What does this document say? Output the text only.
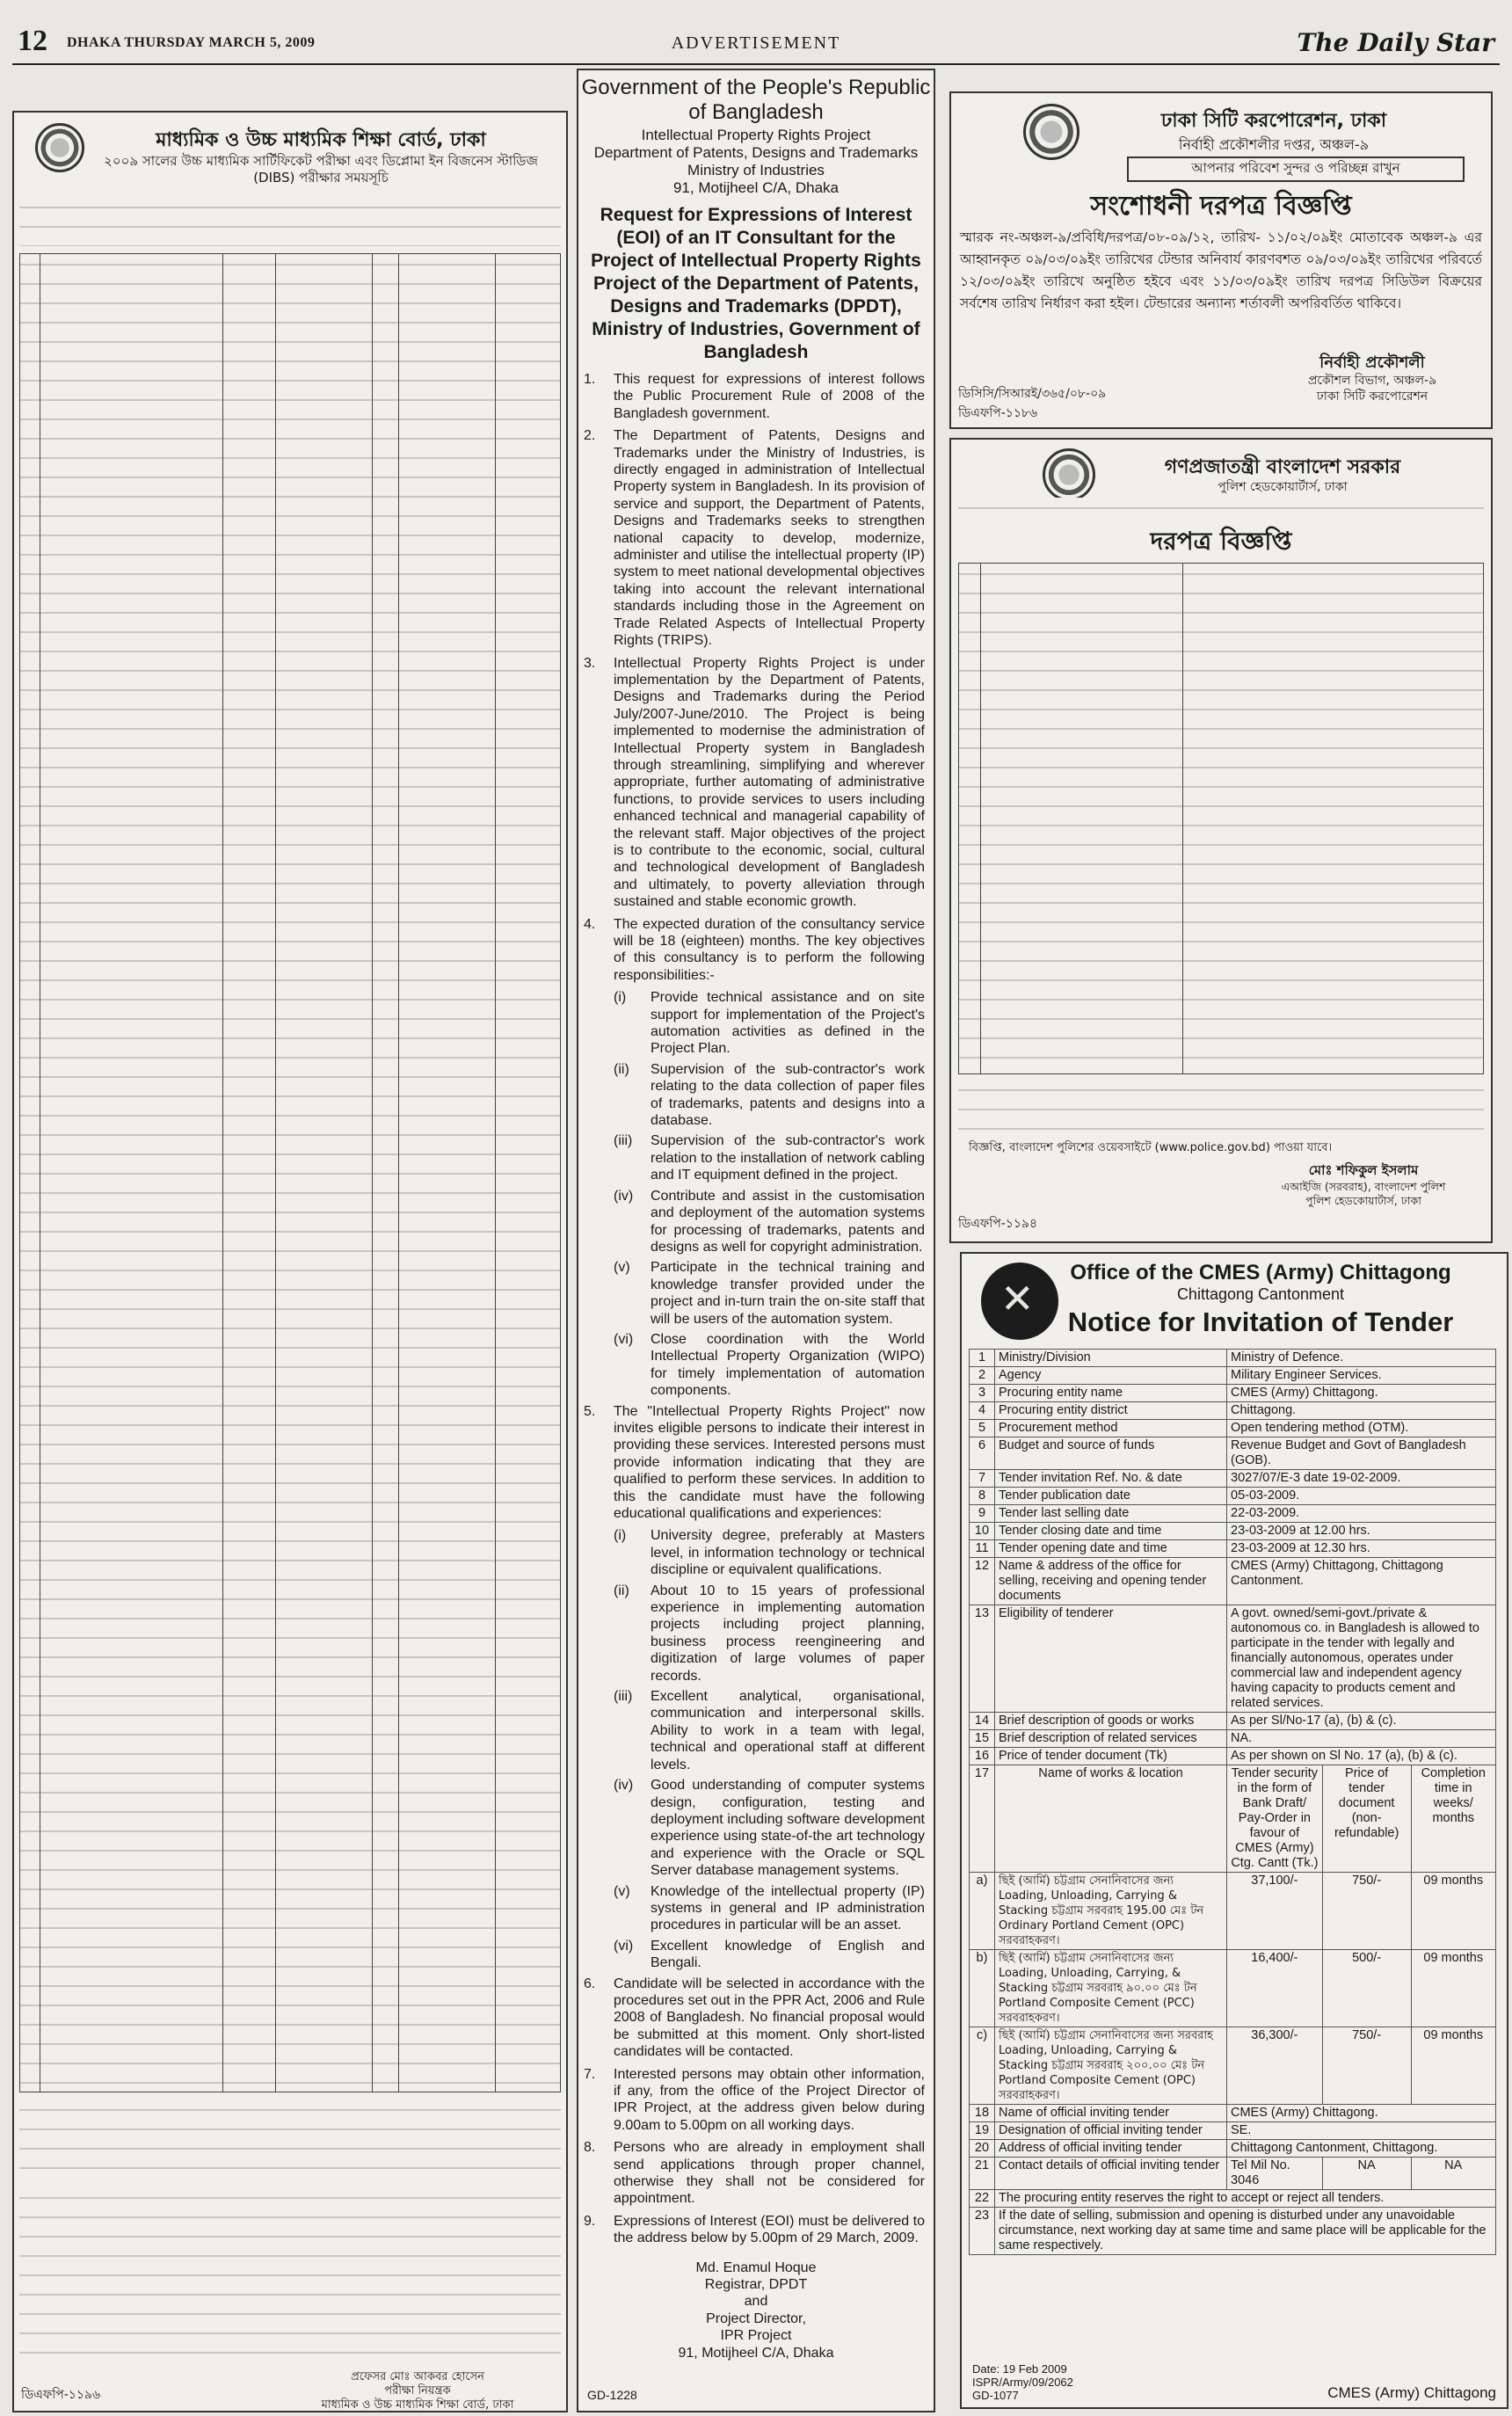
12 DHAKA THURSDAY MARCH 5, 2009	ADVERTISEMENT	The Daily Star
মাধ্যমিক ও উচ্চ মাধ্যমিক শিক্ষা বোর্ড, ঢাকা
২০০৯ সালের উচ্চ মাধ্যমিক সার্টিফিকেট পরীক্ষা এবং ডিপ্লোমা ইন বিজনেস স্টাডিজ (DIBS) পরীক্ষার সময়সূচি
প্রফেসর মোঃ আকবর হোসেন
পরীক্ষা নিয়ন্ত্রক
মাধ্যমিক ও উচ্চ মাধ্যমিক শিক্ষা বোর্ড, ঢাকা
ডিএফপি-১১৯৬
Government of the People's Republic of Bangladesh
Intellectual Property Rights Project
Department of Patents, Designs and Trademarks
Ministry of Industries
91, Motijheel C/A, Dhaka
Request for Expressions of Interest (EOI) of an IT Consultant for the Project of Intellectual Property Rights Project of the Department of Patents, Designs and Trademarks (DPDT), Ministry of Industries, Government of Bangladesh
1.	This request for expressions of interest follows the Public Procurement Rule of 2008 of the Bangladesh government.
2.	The Department of Patents, Designs and Trademarks under the Ministry of Industries, is directly engaged in administration of Intellectual Property system in Bangladesh. In its provision of service and support, the Department of Patents, Designs and Trademarks seeks to strengthen national capacity to develop, modernize, administer and utilise the intellectual property (IP) system to meet national developmental objectives taking into account the relevant international standards including those in the Agreement on Trade Related Aspects of Intellectual Property Rights (TRIPS).
3.	Intellectual Property Rights Project is under implementation by the Department of Patents, Designs and Trademarks during the Period July/2007-June/2010. The Project is being implemented to modernise the administration of Intellectual Property system in Bangladesh through streamlining, simplifying and wherever appropriate, further automating of administrative functions, to provide services to users including enhanced technical and managerial capability of the relevant staff. Major objectives of the project is to contribute to the economic, social, cultural and technological development of Bangladesh and ultimately, to poverty alleviation through sustained and stable economic growth.
4.	The expected duration of the consultancy service will be 18 (eighteen) months. The key objectives of this consultancy is to perform the following responsibilities:-
(i)	Provide technical assistance and on site support for implementation of the Project's automation activities as defined in the Project Plan.
(ii)	Supervision of the sub-contractor's work relating to the data collection of paper files of trademarks, patents and designs into a database.
(iii)	Supervision of the sub-contractor's work relation to the installation of network cabling and IT equipment defined in the project.
(iv)	Contribute and assist in the customisation and deployment of the automation systems for processing of trademarks, patents and designs as well for copyright administration.
(v)	Participate in the technical training and knowledge transfer provided under the project and in-turn train the on-site staff that will be users of the automation system.
(vi)	Close coordination with the World Intellectual Property Organization (WIPO) for timely implementation of automation components.
5.	The "Intellectual Property Rights Project" now invites eligible persons to indicate their interest in providing these services. Interested persons must provide information indicating that they are qualified to perform these services. In addition to this the candidate must have the following educational qualifications and experiences:
(i)	University degree, preferably at Masters level, in information technology or technical discipline or equivalent qualifications.
(ii)	About 10 to 15 years of professional experience in implementing automation projects including project planning, business process reengineering and digitization of large volumes of paper records.
(iii)	Excellent analytical, organisational, communication and interpersonal skills. Ability to work in a team with legal, technical and operational staff at different levels.
(iv)	Good understanding of computer systems design, configuration, testing and deployment including software development experience using state-of-the art technology and experience with the Oracle or SQL Server database management systems.
(v)	Knowledge of the intellectual property (IP) systems in general and IP administration procedures in particular will be an asset.
(vi)	Excellent knowledge of English and Bengali.
6.	Candidate will be selected in accordance with the procedures set out in the PPR Act, 2006 and Rule 2008 of Bangladesh. No financial proposal would be submitted at this moment. Only short-listed candidates will be contacted.
7.	Interested persons may obtain other information, if any, from the office of the Project Director of IPR Project, at the address given below during 9.00am to 5.00pm on all working days.
8.	Persons who are already in employment shall send applications through proper channel, otherwise they shall not be considered for appointment.
9.	Expressions of Interest (EOI) must be delivered to the address below by 5.00pm of 29 March, 2009.
Md. Enamul Hoque
Registrar, DPDT
and
Project Director,
IPR Project
91, Motijheel C/A, Dhaka
GD-1228
ঢাকা সিটি করপোরেশন, ঢাকা
নির্বাহী প্রকৌশলীর দপ্তর, অঞ্চল-৯
আপনার পরিবেশ সুন্দর ও পরিচ্ছন্ন রাখুন
সংশোধনী দরপত্র বিজ্ঞপ্তি
স্মারক নং-অঞ্চল-৯/প্রবিধি/দরপত্র/০৮-০৯/১২, তারিখ- ১১/০২/০৯ইং মোতাবেক অঞ্চল-৯ এর আহ্বানকৃত ০৯/০৩/০৯ইং তারিখের টেন্ডার অনিবার্য কারণবশত ০৯/০৩/০৯ইং তারিখের পরিবর্তে ১২/০৩/০৯ইং তারিখে অনুষ্ঠিত হইবে এবং ১১/০৩/০৯ইং তারিখ দরপত্র সিডিউল বিক্রয়ের সর্বশেষ তারিখ নির্ধারণ করা হইল। টেন্ডারের অন্যান্য শর্তাবলী অপরিবর্তিত থাকিবে।
নির্বাহী প্রকৌশলী
প্রকৌশল বিভাগ, অঞ্চল-৯
ঢাকা সিটি করপোরেশন
ডিসিসি/সিআরই/৩৬৫/০৮-০৯
ডিএফপি-১১৮৬
গণপ্রজাতন্ত্রী বাংলাদেশ সরকার
পুলিশ হেডকোয়ার্টার্স, ঢাকা
দরপত্র বিজ্ঞপ্তি
বিজ্ঞপ্তি, বাংলাদেশ পুলিশের ওয়েবসাইটে (www.police.gov.bd) পাওয়া যাবে।
মোঃ শফিকুল ইসলাম
এআইজি (সরবরাহ), বাংলাদেশ পুলিশ
পুলিশ হেডকোয়ার্টার্স, ঢাকা
ডিএফপি-১১৯৪
✕
Office of the CMES (Army) Chittagong
Chittagong Cantonment
Notice for Invitation of Tender
1	Ministry/Division	Ministry of Defence.		
2	Agency	Military Engineer Services.		
3	Procuring entity name	CMES (Army) Chittagong.		
4	Procuring entity district	Chittagong.		
5	Procurement method	Open tendering method (OTM).		
6	Budget and source of funds	Revenue Budget and Govt of Bangladesh (GOB).		
7	Tender invitation Ref. No. & date	3027/07/E-3 date 19-02-2009.		
8	Tender publication date	05-03-2009.		
9	Tender last selling date	22-03-2009.		
10	Tender closing date and time	23-03-2009 at 12.00 hrs.		
11	Tender opening date and time	23-03-2009 at 12.30 hrs.		
12	Name & address of the office for selling, receiving and opening tender documents	CMES (Army) Chittagong, Chittagong Cantonment.		
13	Eligibility of tenderer	A govt. owned/semi-govt./private & autonomous co. in Bangladesh is allowed to participate in the tender with legally and financially autonomous, operates under commercial law and independent agency having capacity to products cement and related services.		
14	Brief description of goods or works	As per Sl/No-17 (a), (b) & (c).		
15	Brief description of related services	NA.		
16	Price of tender document (Tk)	As per shown on Sl No. 17 (a), (b) & (c).		
17	Name of works & location	Tender security in the form of Bank Draft/ Pay-Order in favour of CMES (Army) Ctg. Cantt (Tk.)	Price of tender document (non-refundable)	Completion time in weeks/ months
a)	ছিই (আর্মি) চট্টগ্রাম সেনানিবাসের জন্য Loading, Unloading, Carrying & Stacking চট্টগ্রাম সরবরাহ 195.00 মেঃ টন Ordinary Portland Cement (OPC) সরবরাহকরণ।	37,100/-	750/-	09 months
b)	ছিই (আর্মি) চট্টগ্রাম সেনানিবাসের জন্য Loading, Unloading, Carrying, & Stacking চট্টগ্রাম সরবরাহ ৯০.০০ মেঃ টন Portland Composite Cement (PCC) সরবরাহকরণ।	16,400/-	500/-	09 months
c)	ছিই (আর্মি) চট্টগ্রাম সেনানিবাসের জন্য সরবরাহ Loading, Unloading, Carrying & Stacking চট্টগ্রাম সরবরাহ ২০০.০০ মেঃ টন Portland Composite Cement (OPC) সরবরাহকরণ।	36,300/-	750/-	09 months
18	Name of official inviting tender	CMES (Army) Chittagong.		
19	Designation of official inviting tender	SE.		
20	Address of official inviting tender	Chittagong Cantonment, Chittagong.		
21	Contact details of official inviting tender	Tel Mil No. 3046	NA	NA
22	The procuring entity reserves the right to accept or reject all tenders.			
23	If the date of selling, submission and opening is disturbed under any unavoidable circumstance, next working day at same time and same place will be applicable for the same respectively.			
Date: 19 Feb 2009
ISPR/Army/09/2062
GD-1077	CMES (Army) Chittagong
